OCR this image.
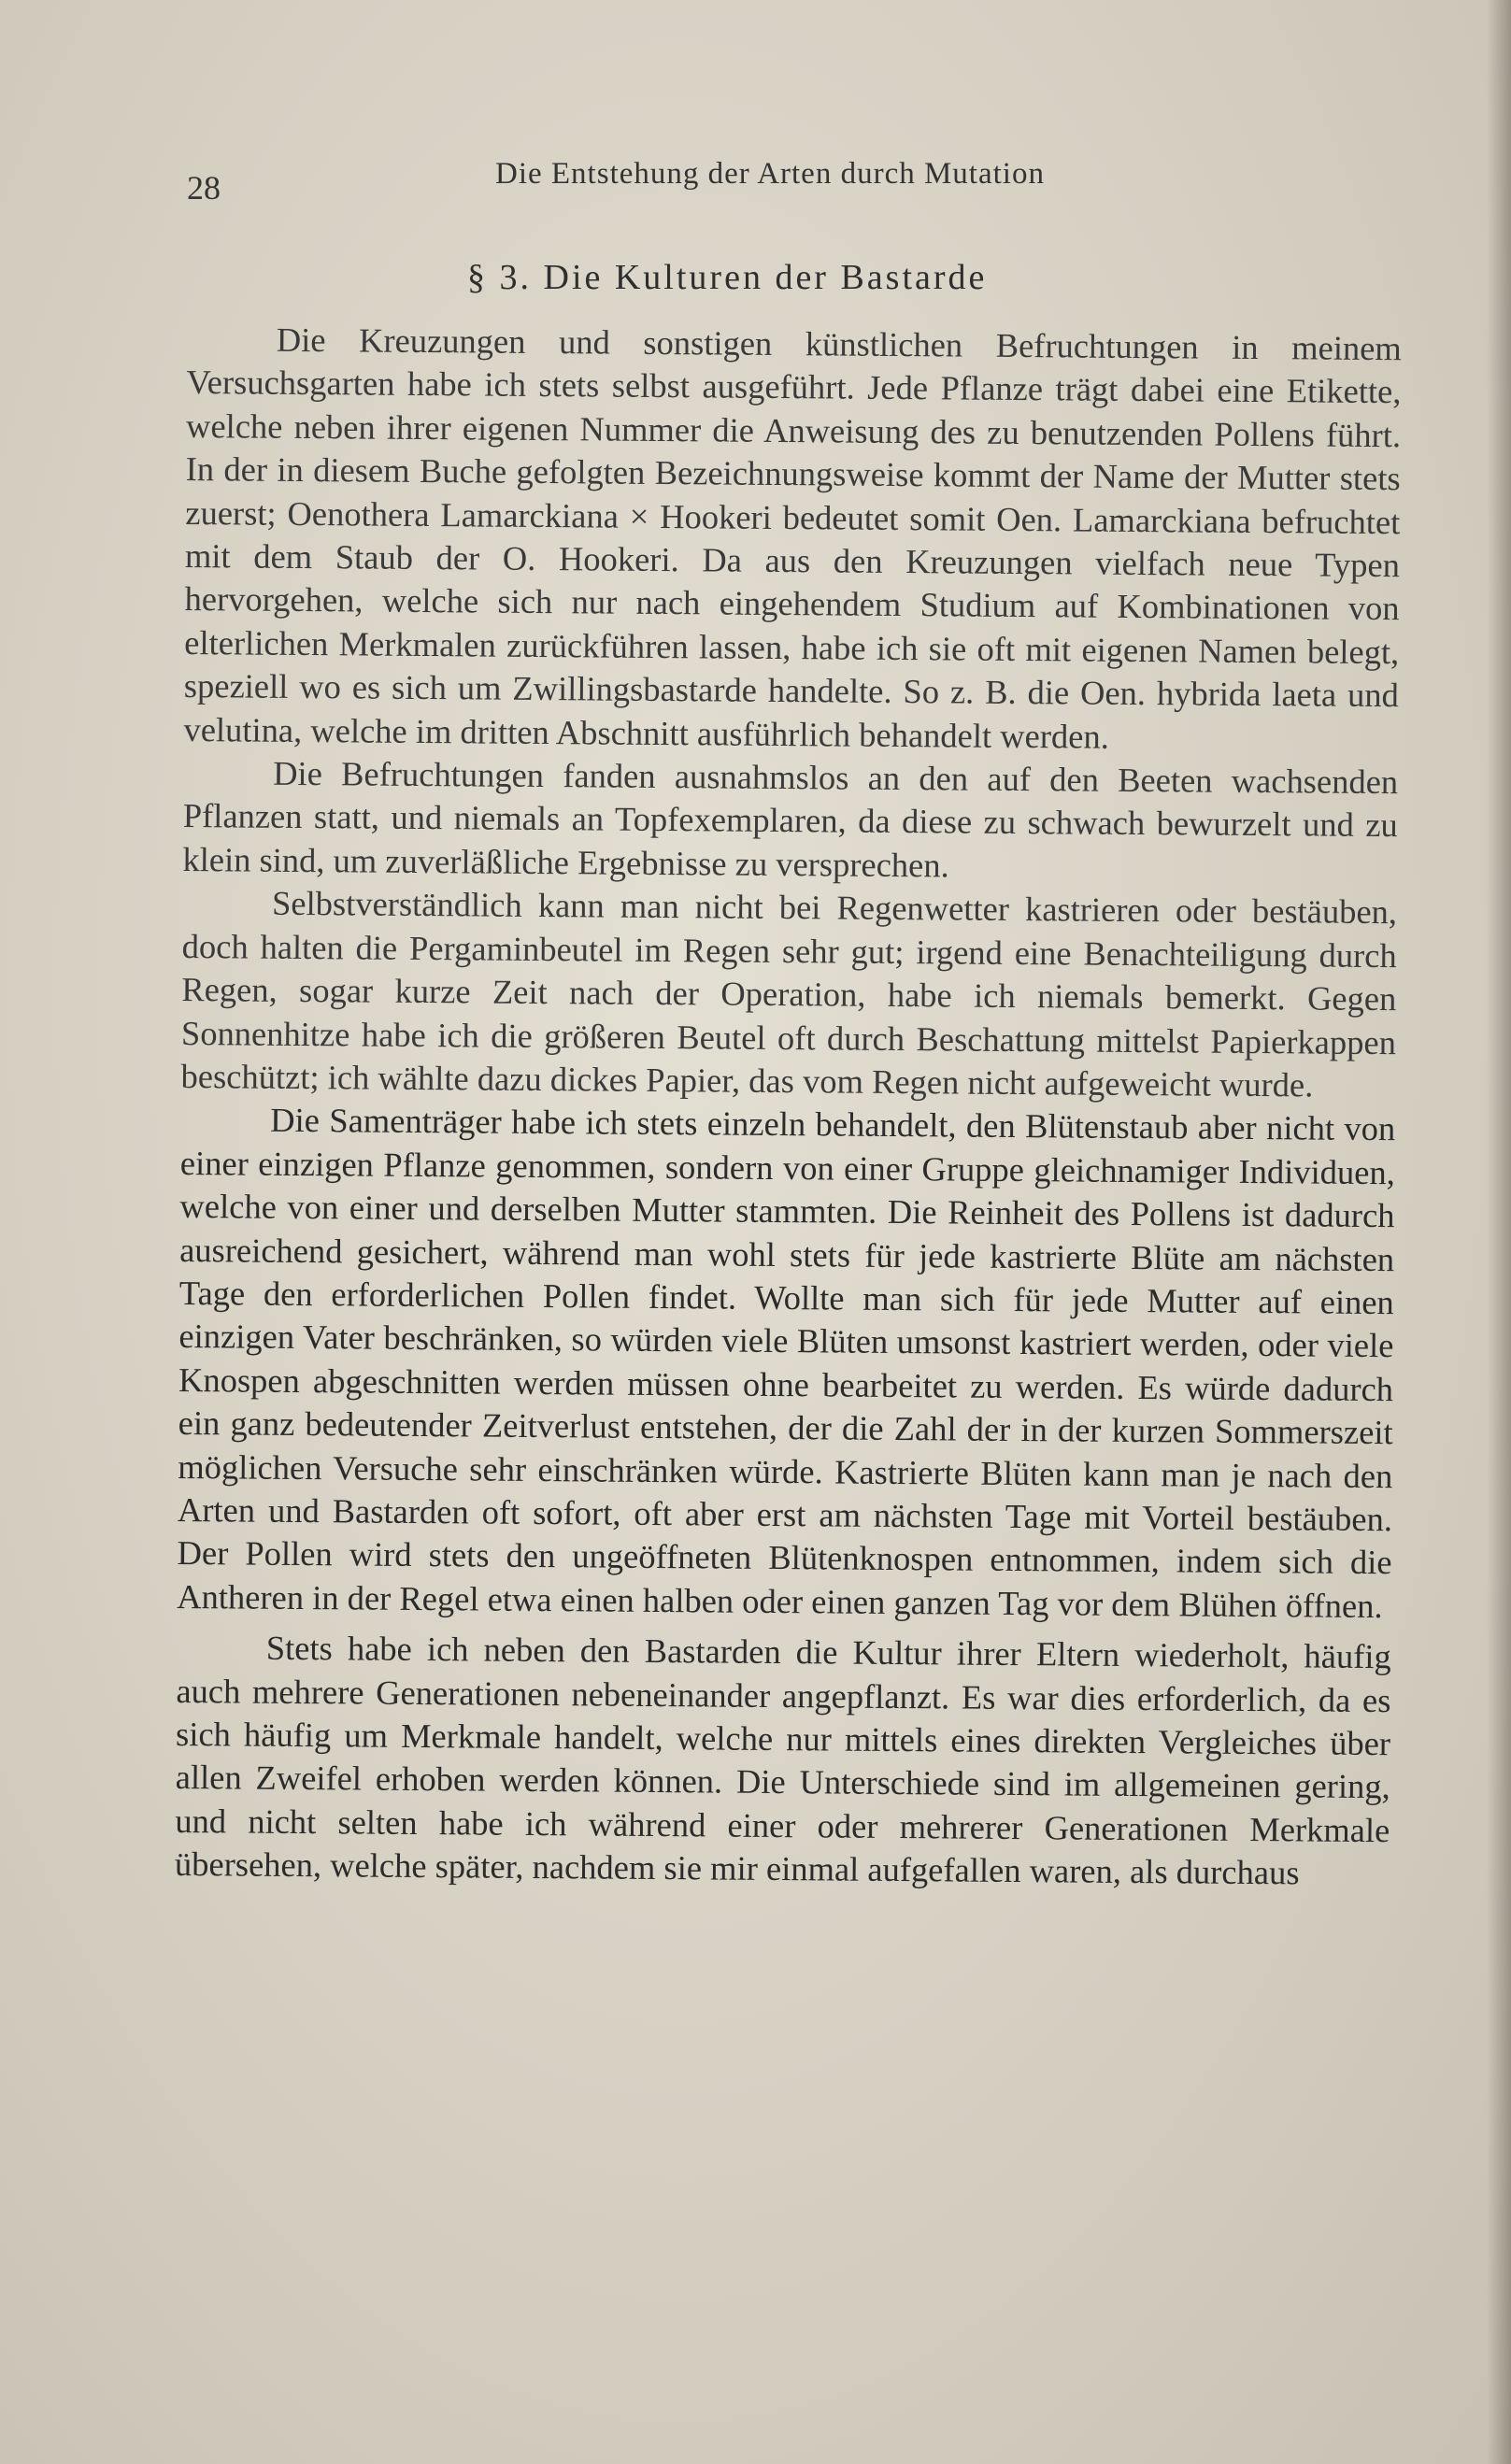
28	Die Entstehung der Arten durch Mutation
§ 3. Die Kulturen der Bastarde

Die Kreuzungen und sonstigen künstlichen Befruchtungen in meinem Versuchsgarten habe ich stets selbst ausgeführt. Jede Pflanze trägt dabei eine Etikette, welche neben ihrer eigenen Nummer die Anweisung des zu benutzenden Pollens führt. In der in diesem Buche gefolgten Bezeichnungsweise kommt der Name der Mutter stets zuerst; Oenothera Lamarckiana × Hookeri bedeutet somit Oen. Lamarckiana befruchtet mit dem Staub der O. Hookeri. Da aus den Kreuzungen vielfach neue Typen hervorgehen, welche sich nur nach eingehendem Studium auf Kombinationen von elterlichen Merkmalen zurückführen lassen, habe ich sie oft mit eigenen Namen belegt, speziell wo es sich um Zwillingsbastarde handelte. So z. B. die Oen. hybrida laeta und velutina, welche im dritten Abschnitt ausführlich behandelt werden.

Die Befruchtungen fanden ausnahmslos an den auf den Beeten wachsenden Pflanzen statt, und niemals an Topfexemplaren, da diese zu schwach bewurzelt und zu klein sind, um zuverläßliche Ergebnisse zu versprechen.

Selbstverständlich kann man nicht bei Regenwetter kastrieren oder bestäuben, doch halten die Pergaminbeutel im Regen sehr gut; irgend eine Benachteiligung durch Regen, sogar kurze Zeit nach der Operation, habe ich niemals bemerkt. Gegen Sonnenhitze habe ich die größeren Beutel oft durch Beschattung mittelst Papierkappen beschützt; ich wählte dazu dickes Papier, das vom Regen nicht aufgeweicht wurde.

Die Samenträger habe ich stets einzeln behandelt, den Blütenstaub aber nicht von einer einzigen Pflanze genommen, sondern von einer Gruppe gleichnamiger Individuen, welche von einer und derselben Mutter stammten. Die Reinheit des Pollens ist dadurch ausreichend gesichert, während man wohl stets für jede kastrierte Blüte am nächsten Tage den erforderlichen Pollen findet. Wollte man sich für jede Mutter auf einen einzigen Vater beschränken, so würden viele Blüten umsonst kastriert werden, oder viele Knospen abgeschnitten werden müssen ohne bearbeitet zu werden. Es würde dadurch ein ganz bedeutender Zeitverlust entstehen, der die Zahl der in der kurzen Sommerszeit möglichen Versuche sehr einschränken würde. Kastrierte Blüten kann man je nach den Arten und Bastarden oft sofort, oft aber erst am nächsten Tage mit Vorteil bestäuben. Der Pollen wird stets den ungeöffneten Blütenknospen entnommen, indem sich die Antheren in der Regel etwa einen halben oder einen ganzen Tag vor dem Blühen öffnen.

Stets habe ich neben den Bastarden die Kultur ihrer Eltern wiederholt, häufig auch mehrere Generationen nebeneinander angepflanzt. Es war dies erforderlich, da es sich häufig um Merkmale handelt, welche nur mittels eines direkten Vergleiches über allen Zweifel erhoben werden können. Die Unterschiede sind im allgemeinen gering, und nicht selten habe ich während einer oder mehrerer Generationen Merkmale übersehen, welche später, nachdem sie mir einmal aufgefallen waren, als durchaus
